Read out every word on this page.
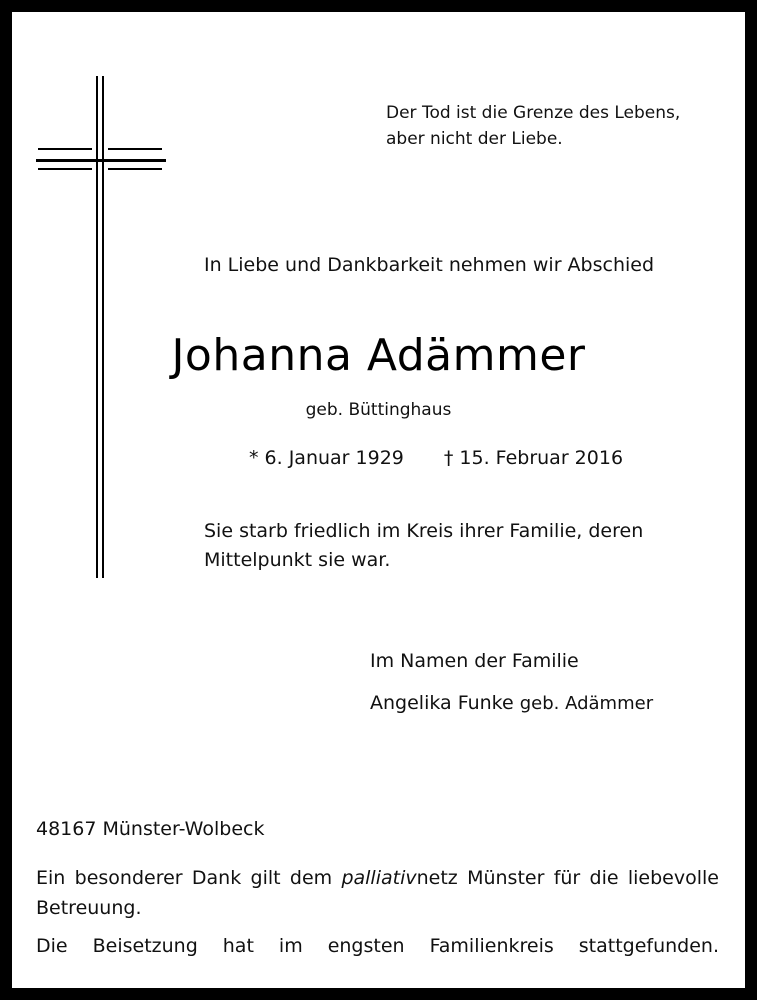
Der Tod ist die Grenze des Lebens,
aber nicht der Liebe.
In Liebe und Dankbarkeit nehmen wir Abschied
Johanna Adämmer
geb. Büttinghaus
* 6. Januar 1929 † 15. Februar 2016
Sie starb friedlich im Kreis ihrer Familie, deren
Mittelpunkt sie war.
Im Namen der Familie
Angelika Funke geb. Adämmer
48167 Münster-Wolbeck
Ein besonderer Dank gilt dem palliativnetz Münster für die liebevolle Betreuung.
Die Beisetzung hat im engsten Familienkreis stattgefunden.
